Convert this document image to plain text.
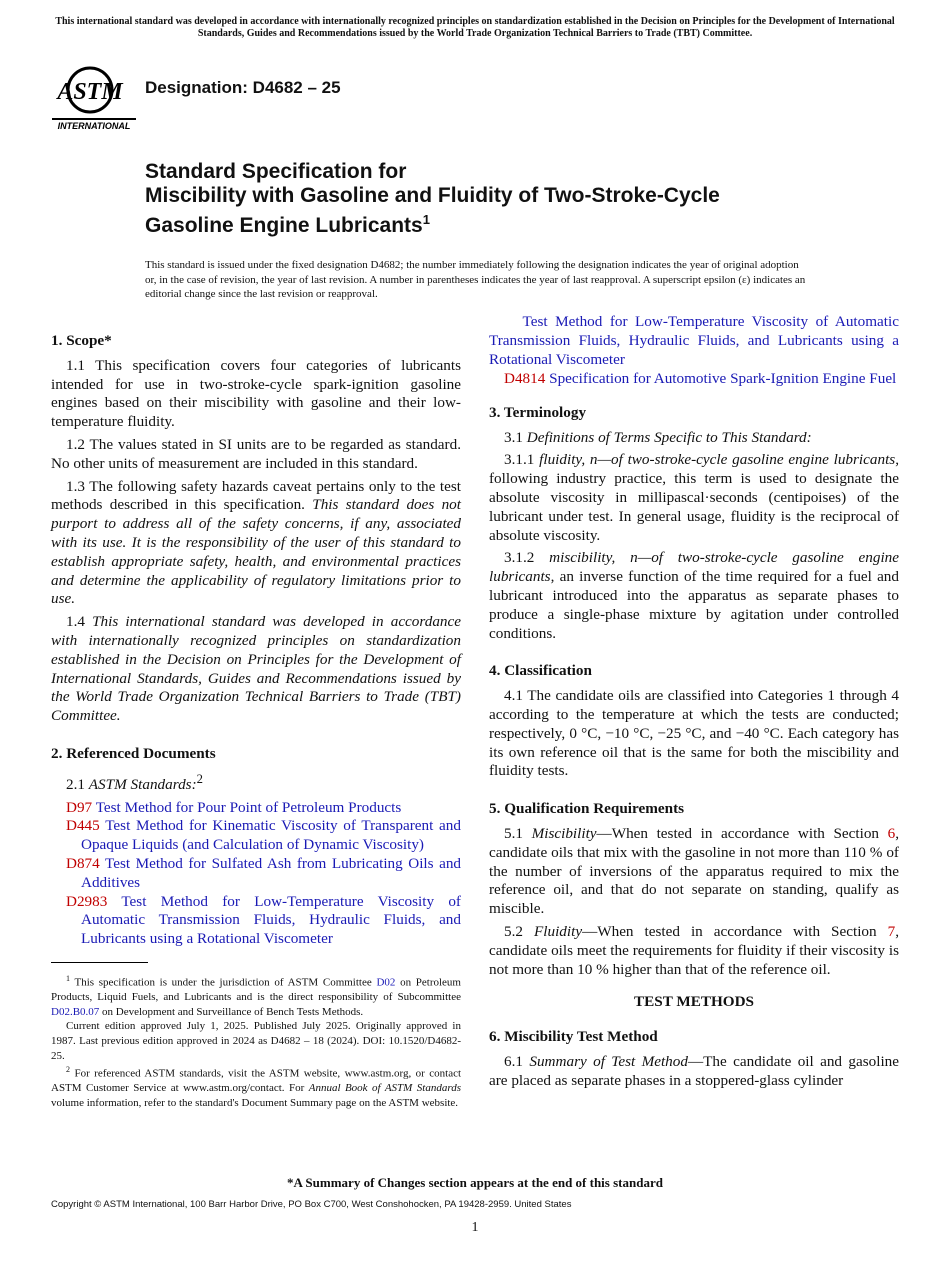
This international standard was developed in accordance with internationally recognized principles on standardization established in the Decision on Principles for the Development of International Standards, Guides and Recommendations issued by the World Trade Organization Technical Barriers to Trade (TBT) Committee.
ASTM
INTERNATIONAL
Designation: D4682 – 25
Standard Specification for
Miscibility with Gasoline and Fluidity of Two-Stroke-Cycle
Gasoline Engine Lubricants$^1$
This standard is issued under the fixed designation D4682; the number immediately following the designation indicates the year of original adoption or, in the case of revision, the year of last revision. A number in parentheses indicates the year of last reapproval. A superscript epsilon (ε) indicates an editorial change since the last revision or reapproval.
1. Scope*

1.1 This specification covers four categories of lubricants intended for use in two-stroke-cycle spark-ignition gasoline engines based on their miscibility with gasoline and their low-temperature fluidity.

1.2 The values stated in SI units are to be regarded as standard. No other units of measurement are included in this standard.

1.3 The following safety hazards caveat pertains only to the test methods described in this specification. This standard does not purport to address all of the safety concerns, if any, associated with its use. It is the responsibility of the user of this standard to establish appropriate safety, health, and environmental practices and determine the applicability of regulatory limitations prior to use.

1.4 This international standard was developed in accordance with internationally recognized principles on standardization established in the Decision on Principles for the Development of International Standards, Guides and Recommendations issued by the World Trade Organization Technical Barriers to Trade (TBT) Committee.

2. Referenced Documents

2.1 ASTM Standards:$^2$

D97 Test Method for Pour Point of Petroleum Products
D445 Test Method for Kinematic Viscosity of Transparent and Opaque Liquids (and Calculation of Dynamic Viscosity)
D874 Test Method for Sulfated Ash from Lubricating Oils and Additives
D2983 Test Method for Low-Temperature Viscosity of Automatic Transmission Fluids, Hydraulic Fluids, and Lubricants using a Rotational Viscometer

$^1$ This specification is under the jurisdiction of ASTM Committee D02 on Petroleum Products, Liquid Fuels, and Lubricants and is the direct responsibility of Subcommittee D02.B0.07 on Development and Surveillance of Bench Tests Methods.

Current edition approved July 1, 2025. Published July 2025. Originally approved in 1987. Last previous edition approved in 2024 as D4682 – 18 (2024). DOI: 10.1520/D4682-25.

$^2$ For referenced ASTM standards, visit the ASTM website, www.astm.org, or contact ASTM Customer Service at www.astm.org/contact. For Annual Book of ASTM Standards volume information, refer to the standard's Document Summary page on the ASTM website.

Test Method for Low-Temperature Viscosity of Automatic Transmission Fluids, Hydraulic Fluids, and Lubricants using a Rotational Viscometer
D4814 Specification for Automotive Spark-Ignition Engine Fuel
3. Terminology

3.1 Definitions of Terms Specific to This Standard:

3.1.1 fluidity, n—of two-stroke-cycle gasoline engine lubricants, following industry practice, this term is used to designate the absolute viscosity in millipascal·seconds (centipoises) of the lubricant under test. In general usage, fluidity is the reciprocal of absolute viscosity.

3.1.2 miscibility, n—of two-stroke-cycle gasoline engine lubricants, an inverse function of the time required for a fuel and lubricant introduced into the apparatus as separate phases to produce a single-phase mixture by agitation under controlled conditions.

4. Classification

4.1 The candidate oils are classified into Categories 1 through 4 according to the temperature at which the tests are conducted; respectively, 0 °C, −10 °C, −25 °C, and −40 °C. Each category has its own reference oil that is the same for both the miscibility and fluidity tests.

5. Qualification Requirements

5.1 Miscibility—When tested in accordance with Section 6, candidate oils that mix with the gasoline in not more than 110 % of the number of inversions of the apparatus required to mix the reference oil, and that do not separate on standing, qualify as miscible.

5.2 Fluidity—When tested in accordance with Section 7, candidate oils meet the requirements for fluidity if their viscosity is not more than 10 % higher than that of the reference oil.

TEST METHODS
6. Miscibility Test Method

6.1 Summary of Test Method—The candidate oil and gasoline are placed as separate phases in a stoppered-glass cylinder

*A Summary of Changes section appears at the end of this standard
Copyright © ASTM International, 100 Barr Harbor Drive, PO Box C700, West Conshohocken, PA 19428-2959. United States
1
